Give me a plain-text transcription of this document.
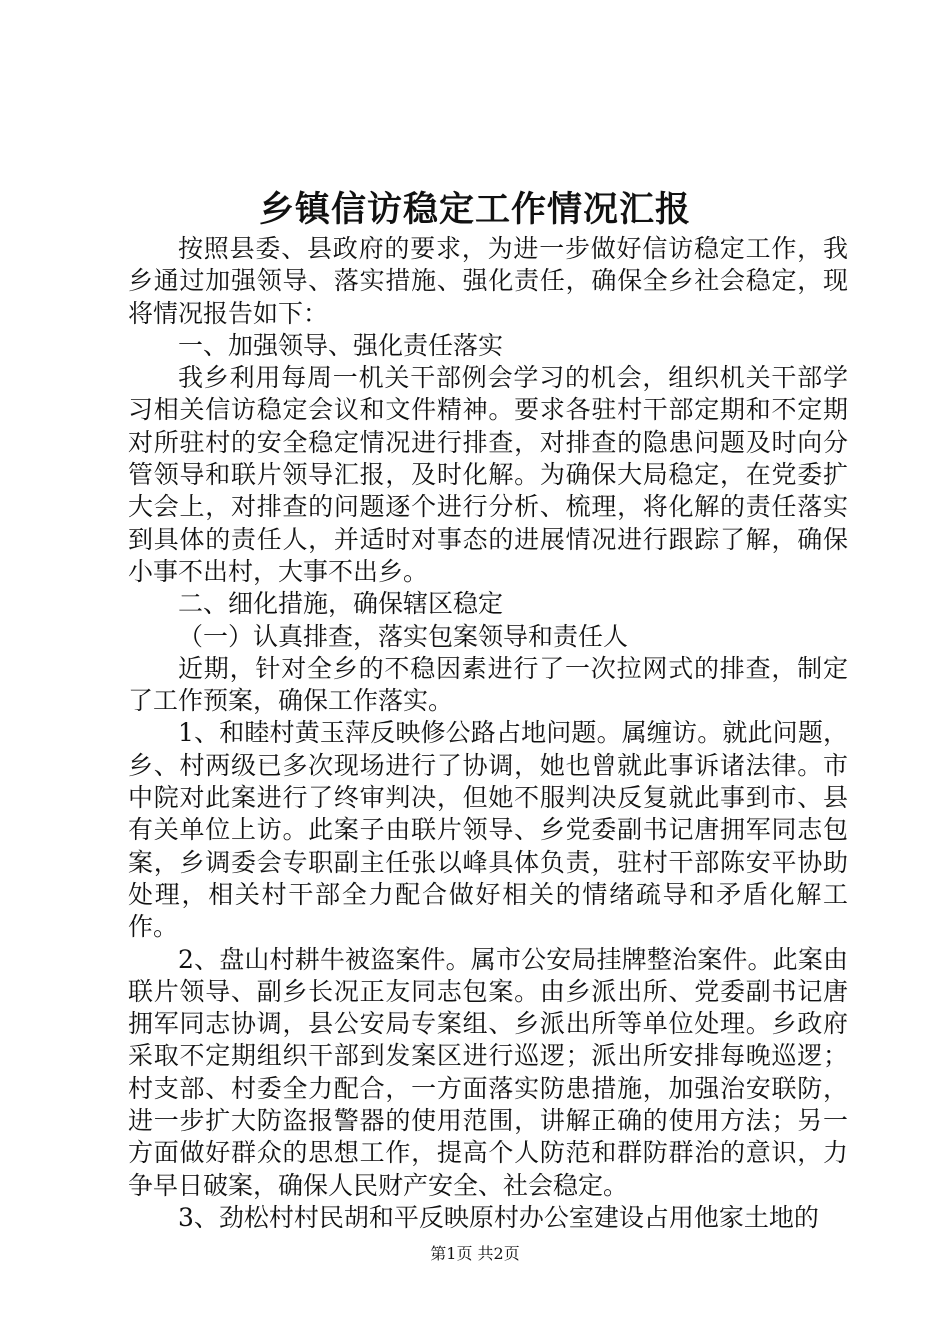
乡镇信访稳定工作情况汇报

按照县委、县政府的要求，为进一步做好信访稳定工作，我乡通过加强领导、落实措施、强化责任，确保全乡社会稳定，现将情况报告如下：

一、加强领导、强化责任落实

我乡利用每周一机关干部例会学习的机会，组织机关干部学习相关信访稳定会议和文件精神。要求各驻村干部定期和不定期对所驻村的安全稳定情况进行排查，对排查的隐患问题及时向分管领导和联片领导汇报，及时化解。为确保大局稳定，在党委扩大会上，对排查的问题逐个进行分析、梳理，将化解的责任落实到具体的责任人，并适时对事态的进展情况进行跟踪了解，确保小事不出村，大事不出乡。

二、细化措施，确保辖区稳定

（一）认真排查，落实包案领导和责任人

近期，针对全乡的不稳因素进行了一次拉网式的排查，制定了工作预案，确保工作落实。

1、和睦村黄玉萍反映修公路占地问题。属缠访。就此问题，乡、村两级已多次现场进行了协调，她也曾就此事诉诸法律。市中院对此案进行了终审判决，但她不服判决反复就此事到市、县有关单位上访。此案子由联片领导、乡党委副书记唐拥军同志包案，乡调委会专职副主任张以峰具体负责，驻村干部陈安平协助处理，相关村干部全力配合做好相关的情绪疏导和矛盾化解工作。

2、盘山村耕牛被盗案件。属市公安局挂牌整治案件。此案由联片领导、副乡长况正友同志包案。由乡派出所、党委副书记唐拥军同志协调，县公安局专案组、乡派出所等单位处理。乡政府采取不定期组织干部到发案区进行巡逻；派出所安排每晚巡逻；村支部、村委全力配合，一方面落实防患措施，加强治安联防，进一步扩大防盗报警器的使用范围，讲解正确的使用方法；另一方面做好群众的思想工作，提高个人防范和群防群治的意识，力争早日破案，确保人民财产安全、社会稳定。

3、劲松村村民胡和平反映原村办公室建设占用他家土地的

第1页 共2页
